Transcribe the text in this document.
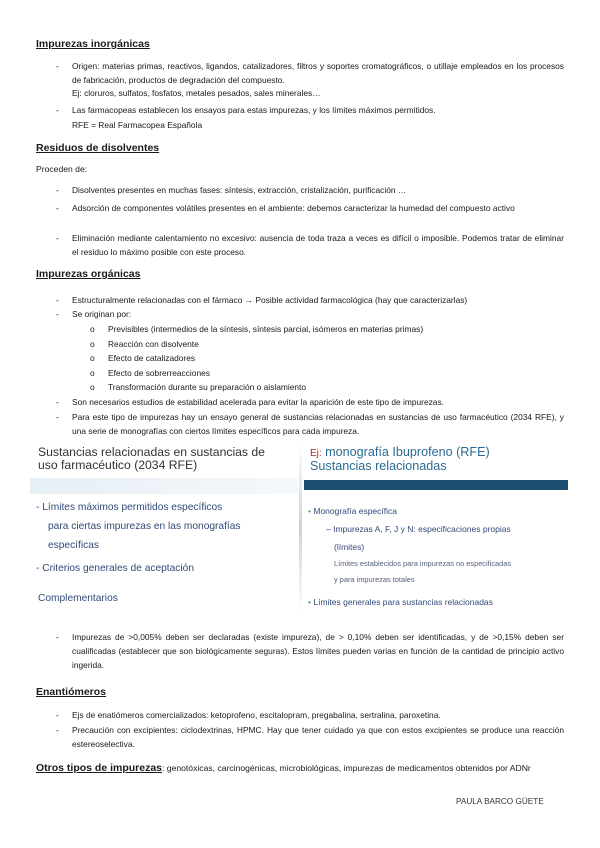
Impurezas inorgánicas
-	Origen: materias primas, reactivos, ligandos, catalizadores, filtros y soportes cromatográficos, o utillaje empleados en los procesos de fabricación, productos de degradación del compuesto.
Ej: cloruros, sulfatos, fosfatos, metales pesados, sales minerales…
-	Las farmacopeas establecen los ensayos para estas impurezas, y los límites máximos permitidos.
RFE = Real Farmacopea Española
Residuos de disolventes
Proceden de:
-	Disolventes presentes en muchas fases: síntesis, extracción, cristalización, purificación …
-	Adsorción de componentes volátiles presentes en el ambiente: debemos caracterizar la humedad del compuesto activo
-	Eliminación mediante calentamiento no excesivo: ausencia de toda traza a veces es difícil o imposible. Podemos tratar de eliminar el residuo lo máximo posible con este proceso.
Impurezas orgánicas
-	Estructuralmente relacionadas con el fármaco → Posible actividad farmacológica (hay que caracterizarlas)
-	Se originan por:
o Previsibles (intermedios de la síntesis, síntesis parcial, isómeros en materias primas)
o Reacción con disolvente
o Efecto de catalizadores
o Efecto de sobrerreacciones
o Transformación durante su preparación o aislamiento
-	Son necesarios estudios de estabilidad acelerada para evitar la aparición de este tipo de impurezas.
-	Para este tipo de impurezas hay un ensayo general de sustancias relacionadas en sustancias de uso farmacéutico (2034 RFE), y una serie de monografías con ciertos límites específicos para cada impureza.
Sustancias relacionadas en sustancias de
uso farmacéutico (2034 RFE)
- Límites máximos permitidos específicos
para ciertas impurezas en las monografías
específicas
- Criterios generales de aceptación
Complementarios
Ej: monografía Ibuprofeno (RFE)
Sustancias relacionadas
• Monografía específica
– Impurezas A, F, J y N: especificaciones propias
(límites)
Límites establecidos para impurezas no especificadas
y para impurezas totales
• Límites generales para sustancias relacionadas
-	Impurezas de >0,005% deben ser declaradas (existe impureza), de > 0,10% deben ser identificadas, y de >0,15% deben ser cualificadas (establecer que son biológicamente seguras). Estos límites pueden varias en función de la cantidad de principio activo ingerida.
Enantiómeros
-	Ejs de enatiómeros comercializados: ketoprofeno, escitalopram, pregabalina, sertralina, paroxetina.
-	Precaución con excipientes: ciclodextrinas, HPMC. Hay que tener cuidado ya que con estos excipientes se produce una reacción estereoselectiva.
Otros tipos de impurezas: genotóxicas, carcinogénicas, microbiológicas, impurezas de medicamentos obtenidos por ADNr
PAULA BARCO GÜETE
